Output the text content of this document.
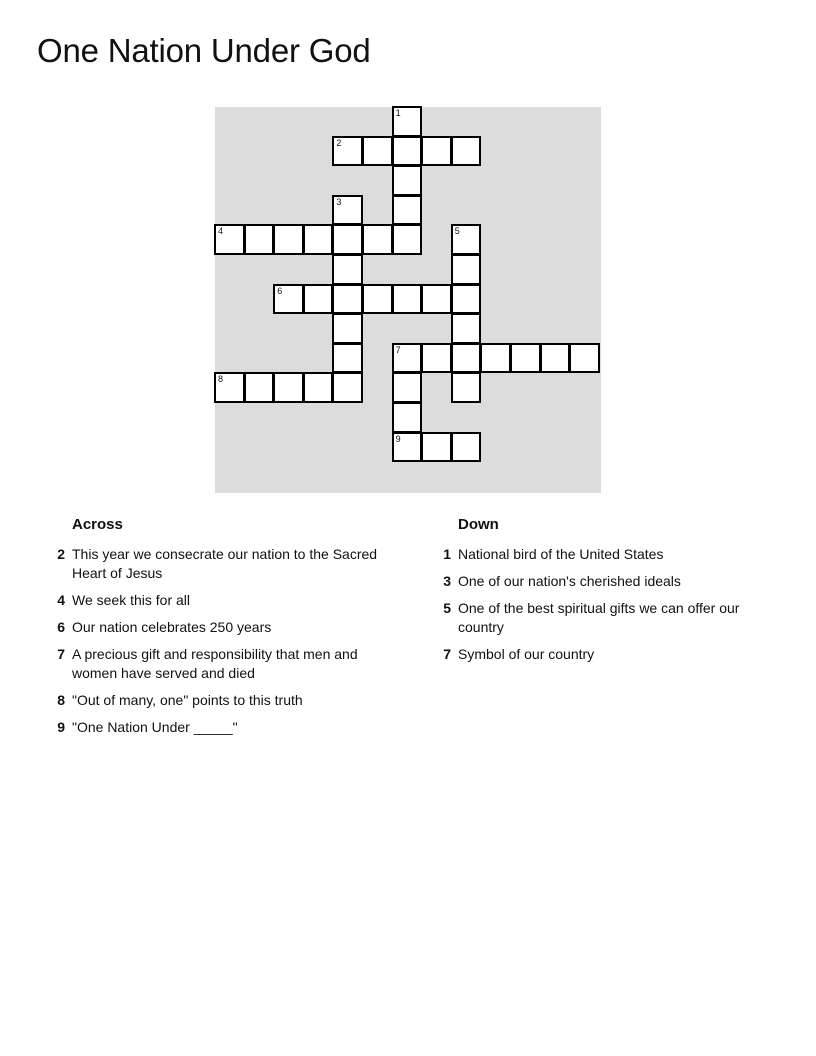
One Nation Under God
1
2
3
4	5
6
7
8
9
Across
2 This year we consecrate our nation to the Sacred Heart of Jesus
4 We seek this for all
6 Our nation celebrates 250 years
7 A precious gift and responsibility that men and women have served and died
8 "Out of many, one" points to this truth
9 "One Nation Under _____"
Down
1 National bird of the United States
3 One of our nation's cherished ideals
5 One of the best spiritual gifts we can offer our country
7 Symbol of our country
